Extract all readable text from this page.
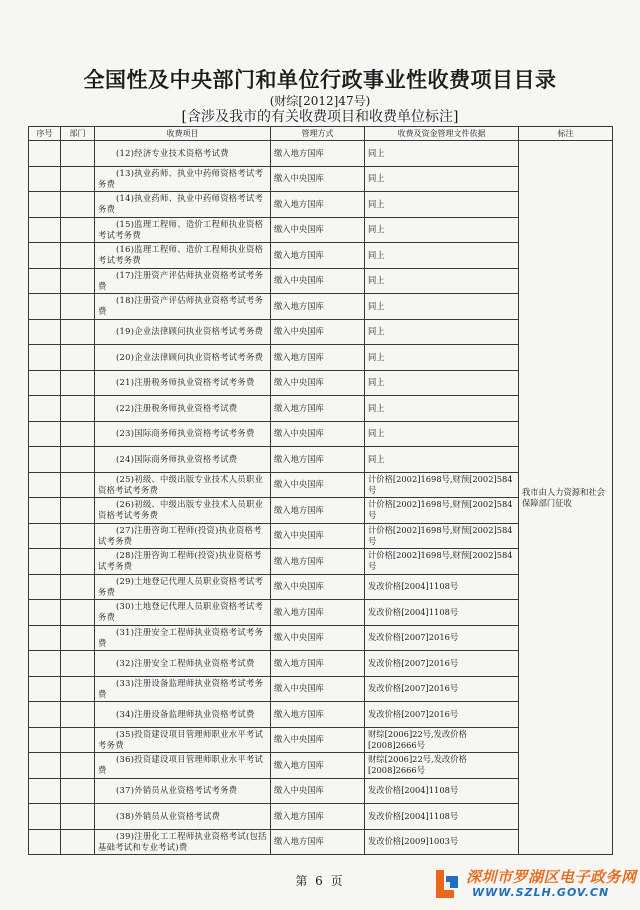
全国性及中央部门和单位行政事业性收费项目目录
(财综[2012]47号)
[含涉及我市的有关收费项目和收费单位标注]
序号	部门	收费项目	管理方式	收费及资金管理文件依据	标注
		(12)经济专业技术资格考试费	缴入地方国库	同上	我市由人力资源和社会保障部门征收
		(13)执业药师、执业中药师资格考试考务费	缴入中央国库	同上	
		(14)执业药师、执业中药师资格考试考务费	缴入地方国库	同上	
		(15)监理工程师、造价工程师执业资格考试考务费	缴入中央国库	同上	
		(16)监理工程师、造价工程师执业资格考试考务费	缴入地方国库	同上	
		(17)注册资产评估师执业资格考试考务费	缴入中央国库	同上	
		(18)注册资产评估师执业资格考试考务费	缴入地方国库	同上	
		(19)企业法律顾问执业资格考试考务费	缴入中央国库	同上	
		(20)企业法律顾问执业资格考试考务费	缴入地方国库	同上	
		(21)注册税务师执业资格考试考务费	缴入中央国库	同上	
		(22)注册税务师执业资格考试费	缴入地方国库	同上	
		(23)国际商务师执业资格考试考务费	缴入中央国库	同上	
		(24)国际商务师执业资格考试费	缴入地方国库	同上	
		(25)初级、中级出版专业技术人员职业资格考试考务费	缴入中央国库	计价格[2002]1698号,财预[2002]584号	
		(26)初级、中级出版专业技术人员职业资格考试考务费	缴入地方国库	计价格[2002]1698号,财预[2002]584号	
		(27)注册咨询工程师(投资)执业资格考试考务费	缴入中央国库	计价格[2002]1698号,财预[2002]584号	
		(28)注册咨询工程师(投资)执业资格考试考务费	缴入地方国库	计价格[2002]1698号,财预[2002]584号	
		(29)土地登记代理人员职业资格考试考务费	缴入中央国库	发改价格[2004]1108号	
		(30)土地登记代理人员职业资格考试考务费	缴入地方国库	发改价格[2004]1108号	
		(31)注册安全工程师执业资格考试考务费	缴入中央国库	发改价格[2007]2016号	
		(32)注册安全工程师执业资格考试费	缴入地方国库	发改价格[2007]2016号	
		(33)注册设备监理师执业资格考试考务费	缴入中央国库	发改价格[2007]2016号	
		(34)注册设备监理师执业资格考试费	缴入地方国库	发改价格[2007]2016号	
		(35)投资建设项目管理师职业水平考试考务费	缴入中央国库	财综[2006]22号,发改价格[2008]2666号	
		(36)投资建设项目管理师职业水平考试费	缴入地方国库	财综[2006]22号,发改价格[2008]2666号	
		(37)外销员从业资格考试考务费	缴入中央国库	发改价格[2004]1108号	
		(38)外销员从业资格考试费	缴入地方国库	发改价格[2004]1108号	
		(39)注册化工工程师执业资格考试(包括基础考试和专业考试)费	缴入地方国库	发改价格[2009]1003号	
第 6 页	深圳市罗湖区电子政务网
WWW.SZLH.GOV.CN
